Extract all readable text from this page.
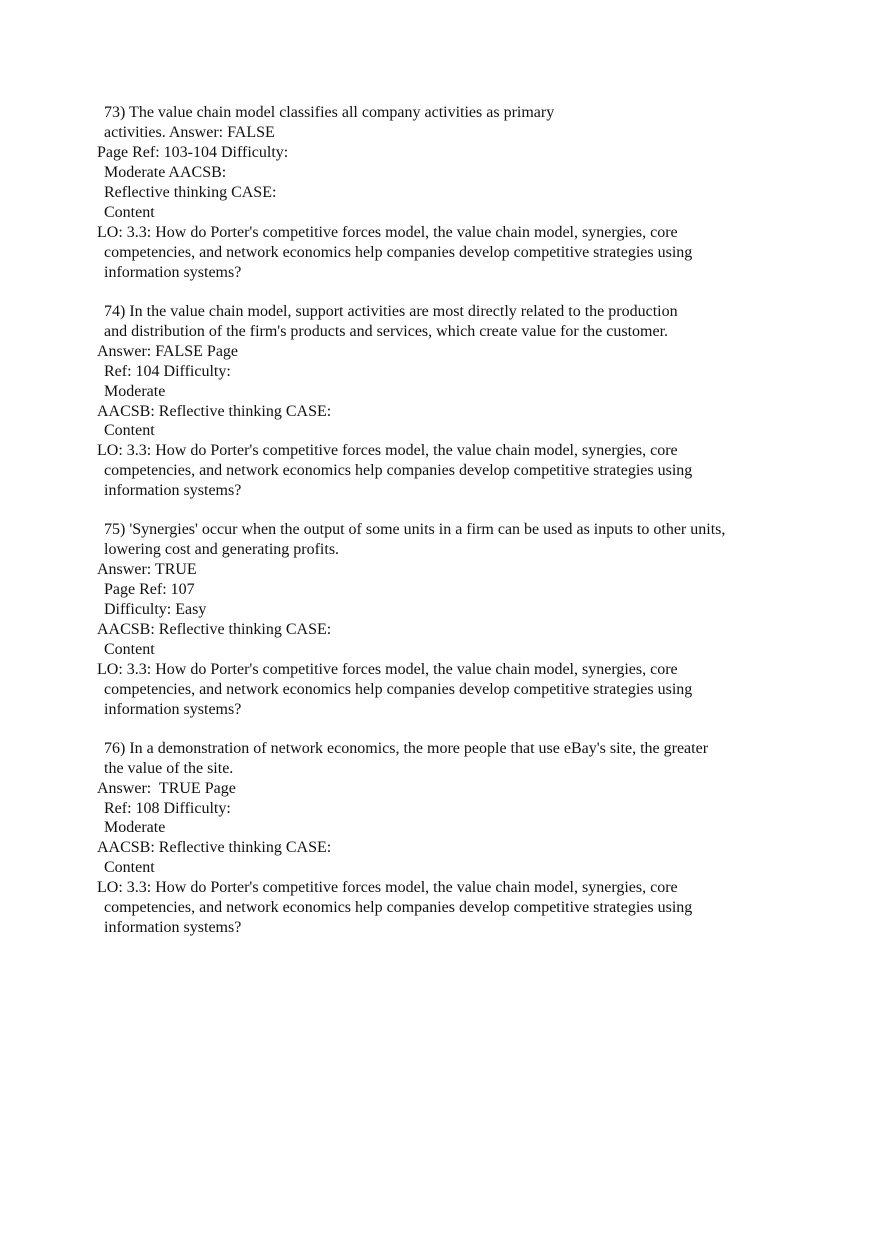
73) The value chain model classifies all company activities as primary
activities. Answer: FALSE
Page Ref: 103-104 Difficulty:
Moderate AACSB:
Reflective thinking CASE:
Content
LO: 3.3: How do Porter's competitive forces model, the value chain model, synergies, core
competencies, and network economics help companies develop competitive strategies using
information systems?
74) In the value chain model, support activities are most directly related to the production
and distribution of the firm's products and services, which create value for the customer.
Answer: FALSE Page
Ref: 104 Difficulty:
Moderate
AACSB: Reflective thinking CASE:
Content
LO: 3.3: How do Porter's competitive forces model, the value chain model, synergies, core
competencies, and network economics help companies develop competitive strategies using
information systems?
75) 'Synergies' occur when the output of some units in a firm can be used as inputs to other units,
lowering cost and generating profits.
Answer: TRUE
Page Ref: 107
Difficulty: Easy
AACSB: Reflective thinking CASE:
Content
LO: 3.3: How do Porter's competitive forces model, the value chain model, synergies, core
competencies, and network economics help companies develop competitive strategies using
information systems?
76) In a demonstration of network economics, the more people that use eBay's site, the greater
the value of the site.
Answer:  TRUE Page
Ref: 108 Difficulty:
Moderate
AACSB: Reflective thinking CASE:
Content
LO: 3.3: How do Porter's competitive forces model, the value chain model, synergies, core
competencies, and network economics help companies develop competitive strategies using
information systems?
